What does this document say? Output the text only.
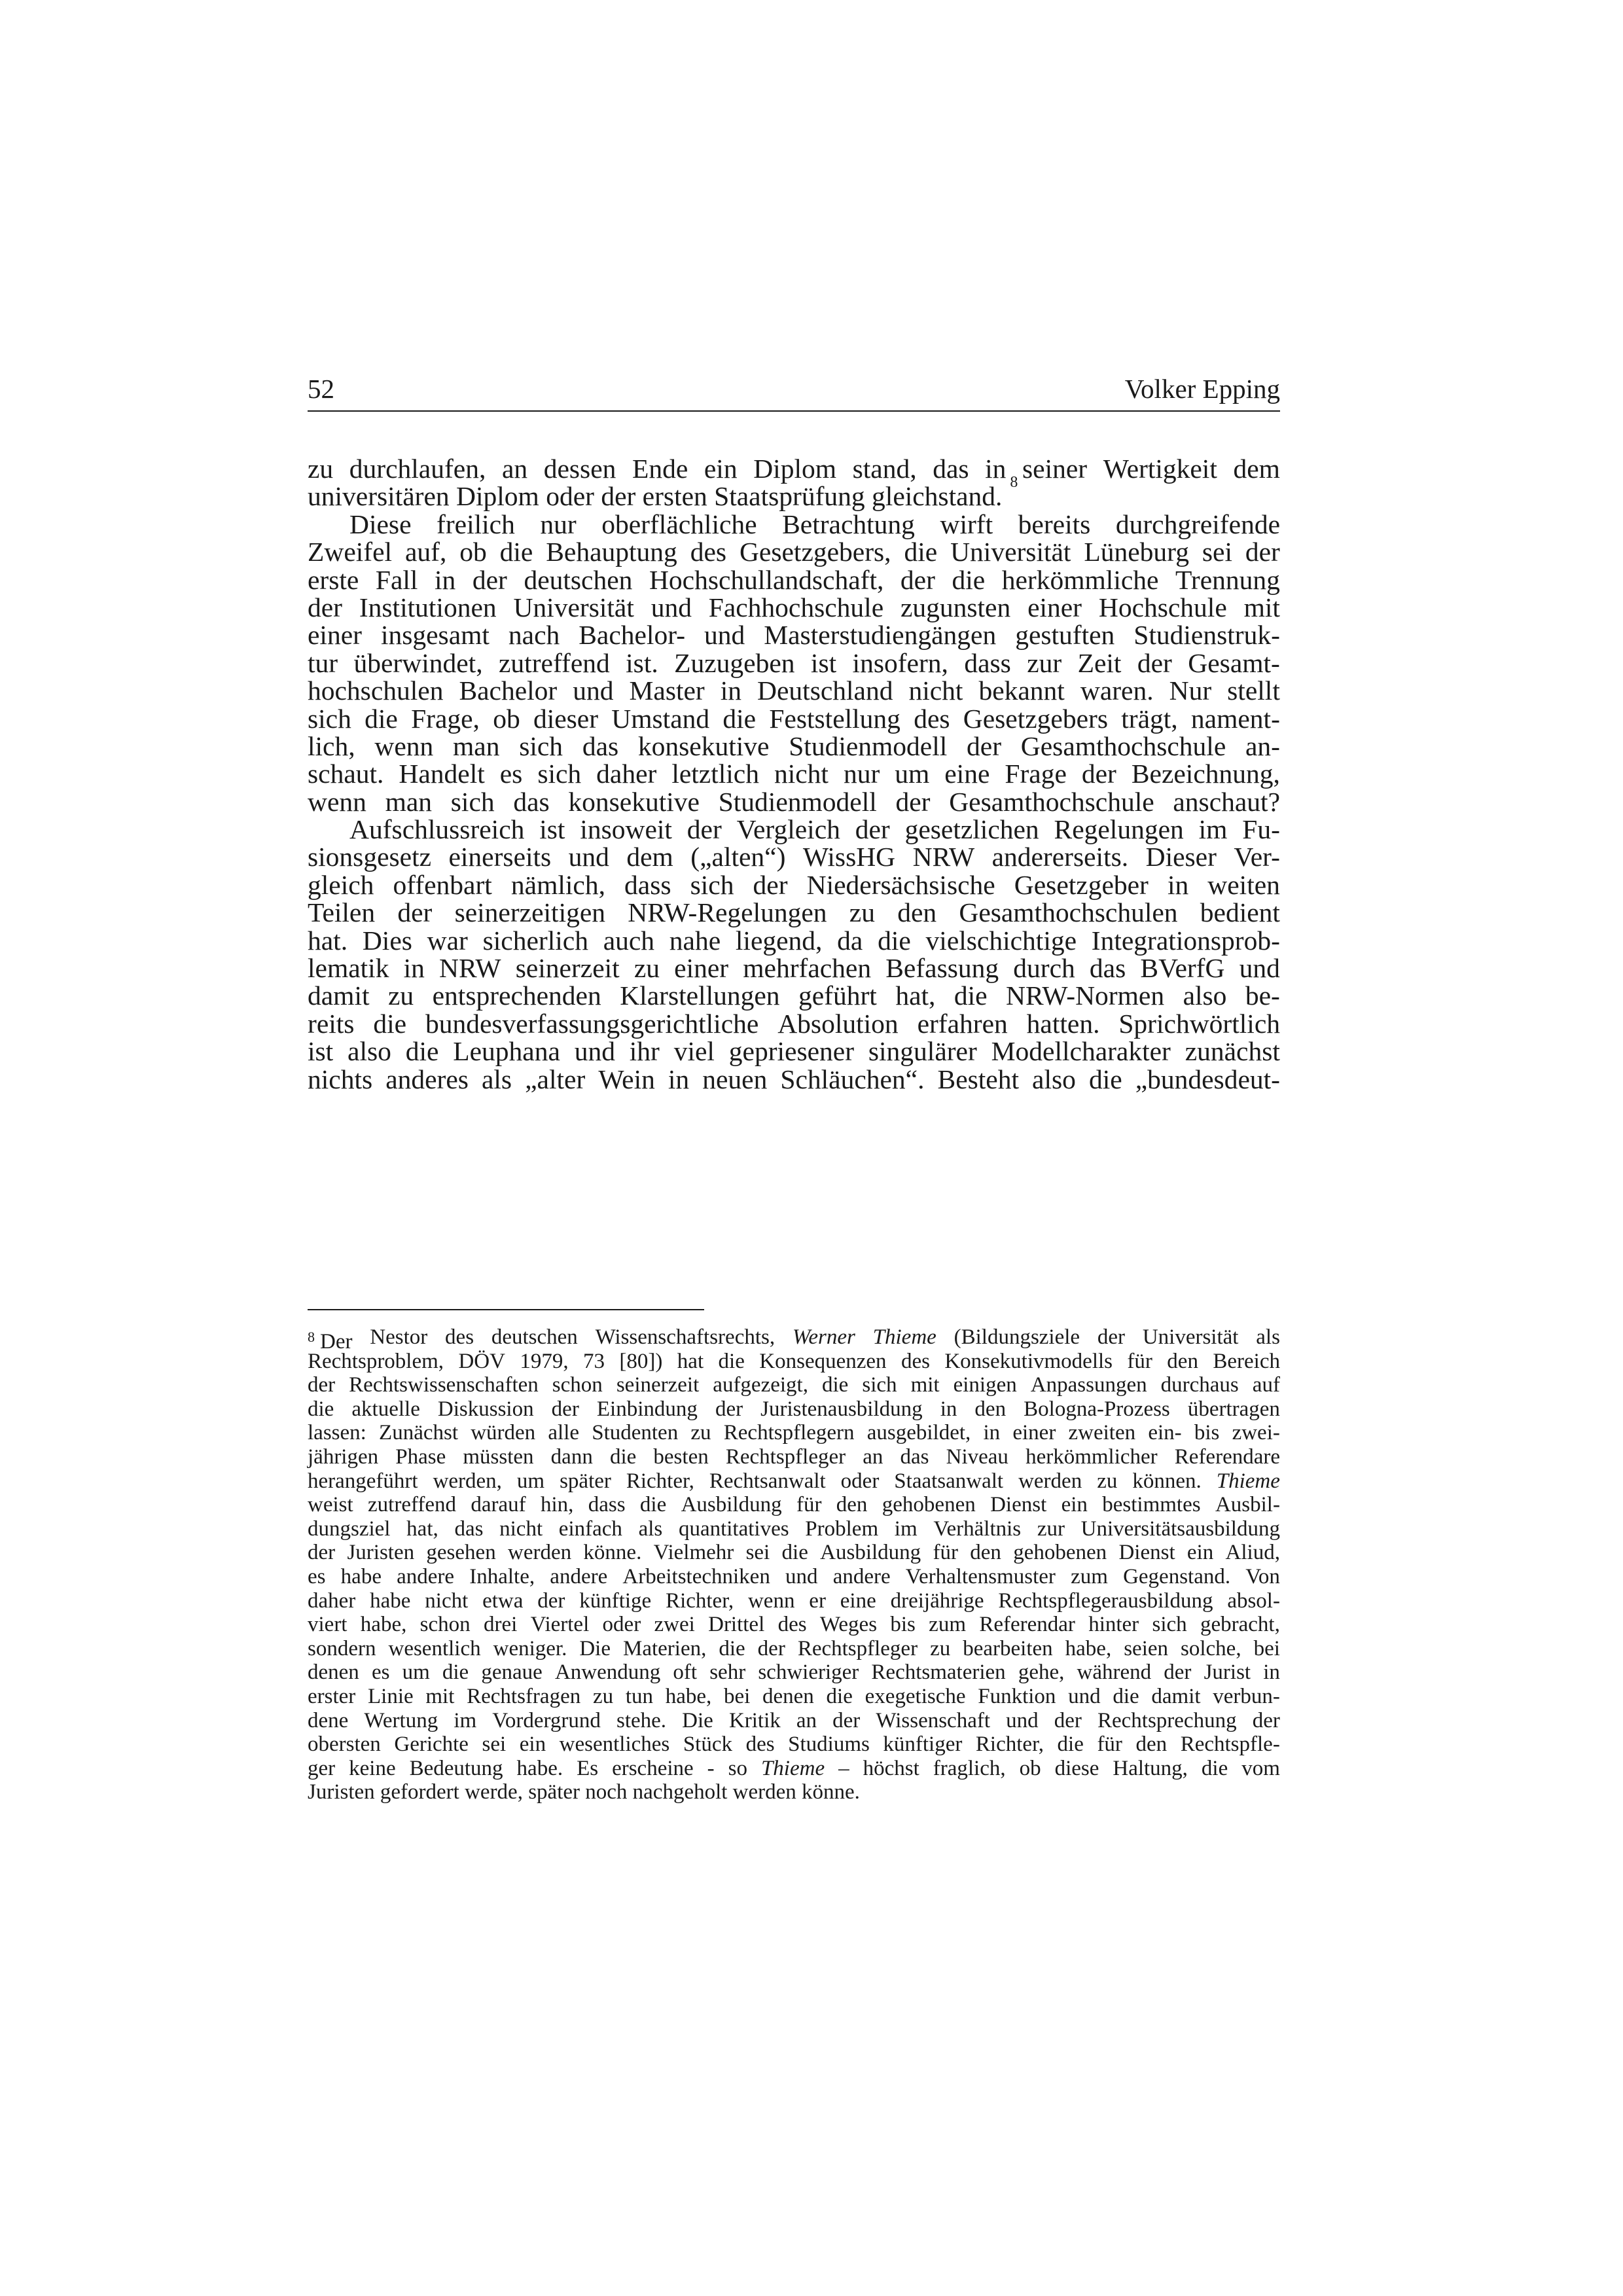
52	Volker Epping
zu durchlaufen, an dessen Ende ein Diplom stand, das in seiner Wertigkeit dem
universitären Diplom oder der ersten Staatsprüfung gleichstand. 8
Diese freilich nur oberflächliche Betrachtung wirft bereits durchgreifende
Zweifel auf, ob die Behauptung des Gesetzgebers, die Universität Lüneburg sei der
erste Fall in der deutschen Hochschullandschaft, der die herkömmliche Trennung
der Institutionen Universität und Fachhochschule zugunsten einer Hochschule mit
einer insgesamt nach Bachelor- und Masterstudiengängen gestuften Studienstruk-
tur überwindet, zutreffend ist. Zuzugeben ist insofern, dass zur Zeit der Gesamt-
hochschulen Bachelor und Master in Deutschland nicht bekannt waren. Nur stellt
sich die Frage, ob dieser Umstand die Feststellung des Gesetzgebers trägt, nament-
lich, wenn man sich das konsekutive Studienmodell der Gesamthochschule an-
schaut. Handelt es sich daher letztlich nicht nur um eine Frage der Bezeichnung,
wenn man sich das konsekutive Studienmodell der Gesamthochschule anschaut?
Aufschlussreich ist insoweit der Vergleich der gesetzlichen Regelungen im Fu-
sionsgesetz einerseits und dem („alten“) WissHG NRW andererseits. Dieser Ver-
gleich offenbart nämlich, dass sich der Niedersächsische Gesetzgeber in weiten
Teilen der seinerzeitigen NRW-Regelungen zu den Gesamthochschulen bedient
hat. Dies war sicherlich auch nahe liegend, da die vielschichtige Integrationsprob-
lematik in NRW seinerzeit zu einer mehrfachen Befassung durch das BVerfG und
damit zu entsprechenden Klarstellungen geführt hat, die NRW-Normen also be-
reits die bundesverfassungsgerichtliche Absolution erfahren hatten. Sprichwörtlich
ist also die Leuphana und ihr viel gepriesener singulärer Modellcharakter zunächst
nichts anderes als „alter Wein in neuen Schläuchen“. Besteht also die „bundesdeut-
$^8$ Der Nestor des deutschen Wissenschaftsrechts, Werner Thieme (Bildungsziele der Universität als
Rechtsproblem, DÖV 1979, 73 [80]) hat die Konsequenzen des Konsekutivmodells für den Bereich
der Rechtswissenschaften schon seinerzeit aufgezeigt, die sich mit einigen Anpassungen durchaus auf
die aktuelle Diskussion der Einbindung der Juristenausbildung in den Bologna-Prozess übertragen
lassen: Zunächst würden alle Studenten zu Rechtspflegern ausgebildet, in einer zweiten ein- bis zwei-
jährigen Phase müssten dann die besten Rechtspfleger an das Niveau herkömmlicher Referendare
herangeführt werden, um später Richter, Rechtsanwalt oder Staatsanwalt werden zu können. Thieme
weist zutreffend darauf hin, dass die Ausbildung für den gehobenen Dienst ein bestimmtes Ausbil-
dungsziel hat, das nicht einfach als quantitatives Problem im Verhältnis zur Universitätsausbildung
der Juristen gesehen werden könne. Vielmehr sei die Ausbildung für den gehobenen Dienst ein Aliud,
es habe andere Inhalte, andere Arbeitstechniken und andere Verhaltensmuster zum Gegenstand. Von
daher habe nicht etwa der künftige Richter, wenn er eine dreijährige Rechtspflegerausbildung absol-
viert habe, schon drei Viertel oder zwei Drittel des Weges bis zum Referendar hinter sich gebracht,
sondern wesentlich weniger. Die Materien, die der Rechtspfleger zu bearbeiten habe, seien solche, bei
denen es um die genaue Anwendung oft sehr schwieriger Rechtsmaterien gehe, während der Jurist in
erster Linie mit Rechtsfragen zu tun habe, bei denen die exegetische Funktion und die damit verbun-
dene Wertung im Vordergrund stehe. Die Kritik an der Wissenschaft und der Rechtsprechung der
obersten Gerichte sei ein wesentliches Stück des Studiums künftiger Richter, die für den Rechtspfle-
ger keine Bedeutung habe. Es erscheine - so Thieme – höchst fraglich, ob diese Haltung, die vom
Juristen gefordert werde, später noch nachgeholt werden könne.
